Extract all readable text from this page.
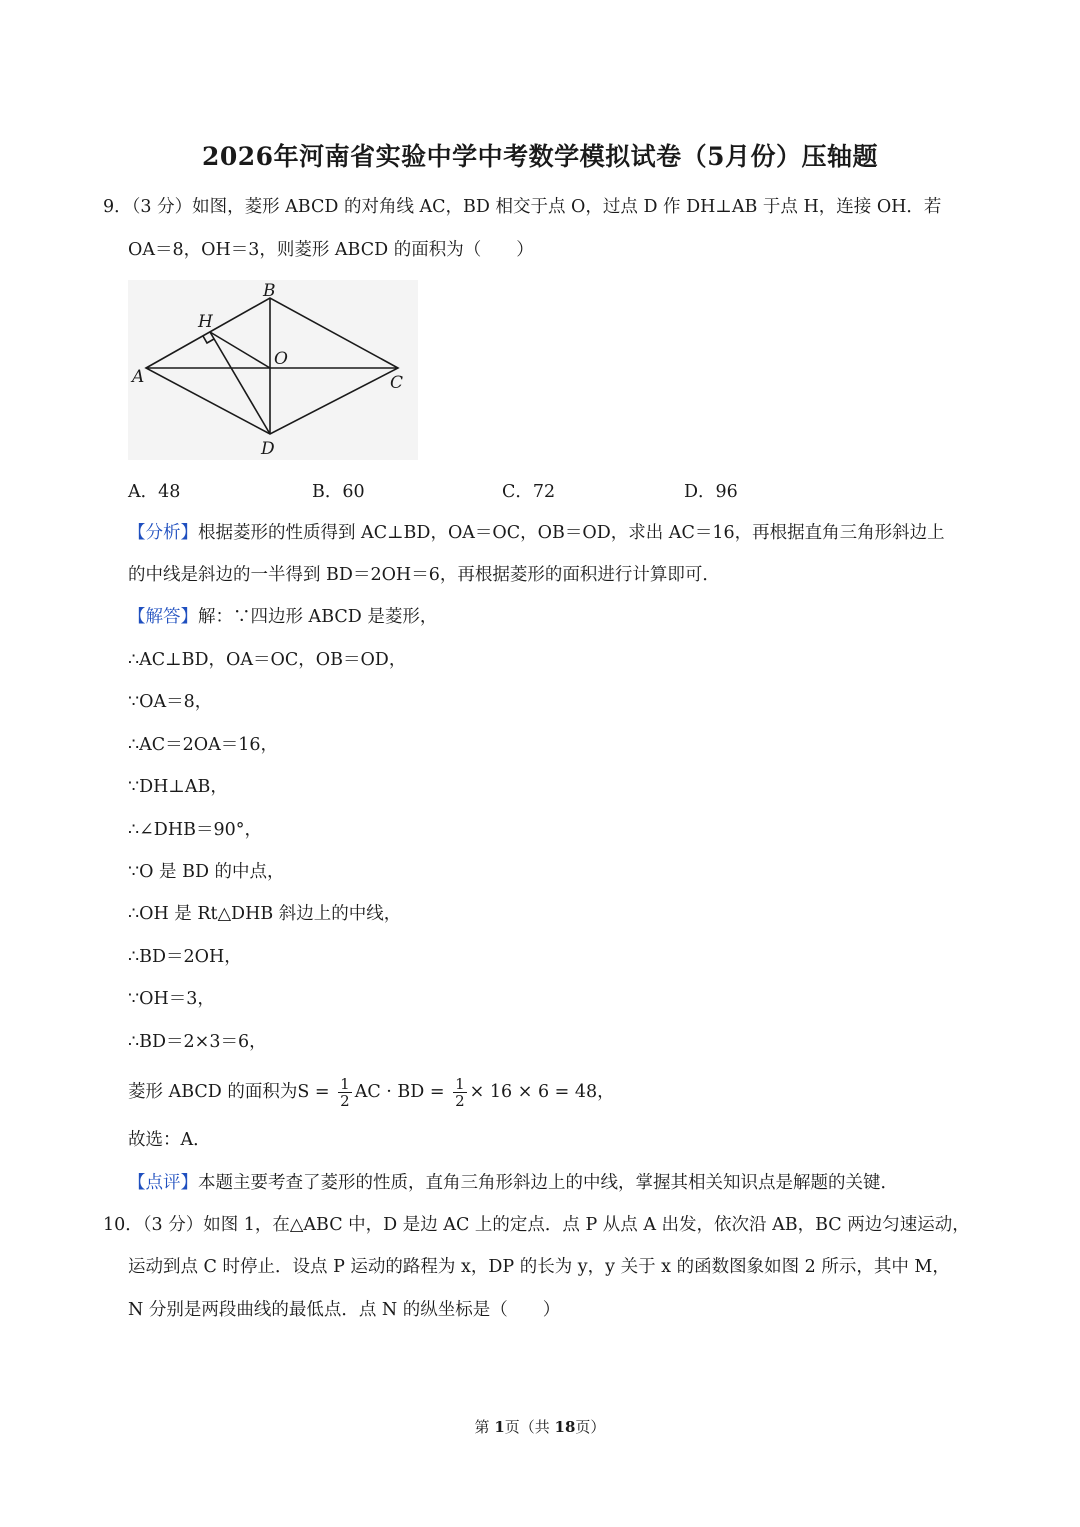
2026年河南省实验中学中考数学模拟试卷（5月份）压轴题
9．（3 分）如图，菱形 ABCD 的对角线 AC，BD 相交于点 O，过点 D 作 DH⊥AB 于点 H，连接 OH．若
OA＝8，OH＝3，则菱形 ABCD 的面积为（　　）
A
B
C
D
H
O
A．48	B．60	C．72	D．96
【分析】根据菱形的性质得到 AC⊥BD，OA＝OC，OB＝OD，求出 AC＝16，再根据直角三角形斜边上
的中线是斜边的一半得到 BD＝2OH＝6，再根据菱形的面积进行计算即可．
【解答】解：∵四边形 ABCD 是菱形，
∴AC⊥BD，OA＝OC，OB＝OD，
∵OA＝8，
∴AC＝2OA＝16，
∵DH⊥AB，
∴∠DHB＝90°，
∵O 是 BD 的中点，
∴OH 是 Rt△DHB 斜边上的中线，
∴BD＝2OH，
∵OH＝3，
∴BD＝2×3＝6，
菱形 ABCD 的面积为$S = \frac{1}{2}$ AC · BD = $\frac{1}{2} \times 16 \times 6 = 48$，
故选：A．
【点评】本题主要考查了菱形的性质，直角三角形斜边上的中线，掌握其相关知识点是解题的关键．
10．（3 分）如图 1，在△ABC 中，D 是边 AC 上的定点．点 P 从点 A 出发，依次沿 AB，BC 两边匀速运动，
运动到点 C 时停止．设点 P 运动的路程为 x，DP 的长为 y，y 关于 x 的函数图象如图 2 所示，其中 M，
N 分别是两段曲线的最低点．点 N 的纵坐标是（　　）
第 1页（共 18页）
